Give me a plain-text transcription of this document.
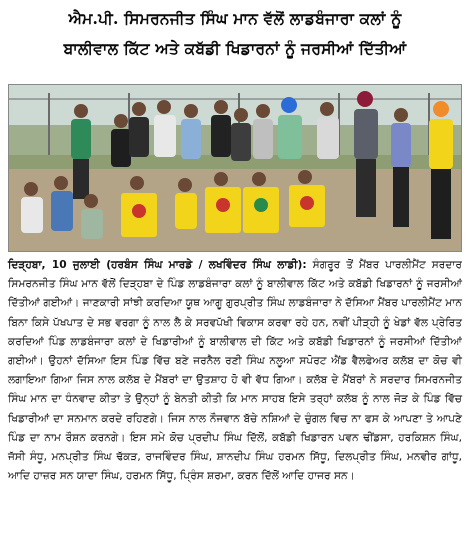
ਐਮ.ਪੀ. ਸਿਮਰਨਜੀਤ ਸਿੰਘ ਮਾਨ ਵੱਲੋਂ ਲਾਡਬੰਜਾਰਾ ਕਲਾਂ ਨੂੰ
ਬਾਲੀਵਾਲ ਕਿੱਟ ਅਤੇ ਕਬੱਡੀ ਖਿਡਾਰਨਾਂ ਨੂੰ ਜਰਸੀਆਂ ਦਿੱਤੀਆਂ
ਦਿੜ੍ਹਬਾ, 10 ਜੁਲਾਈ (ਹਰਬੰਸ ਸਿੰਘ ਮਾਰਡੇ / ਲਖਵਿੰਦਰ ਸਿੰਘ ਲਾਡੀ): ਸੰਗਰੂਰ ਤੋਂ ਮੈਂਬਰ ਪਾਰਲੀਮੈਂਟ ਸਰਦਾਰ ਸਿਮਰਨਜੀਤ ਸਿੰਘ ਮਾਨ ਵੱਲੋਂ ਦਿੜ੍ਹਬਾ ਦੇ ਪਿੰਡ ਲਾਡਬੰਜਾਰਾ ਕਲਾਂ ਨੂੰ ਬਾਲੀਵਾਲ ਕਿੱਟ ਅਤੇ ਕਬੱਡੀ ਖਿਡਾਰਨਾਂ ਨੂੰ ਜਰਸੀਆਂ ਦਿੱਤੀਆਂ ਗਈਆਂ। ਜਾਣਕਾਰੀ ਸਾਂਝੀ ਕਰਦਿਆ ਯੂਥ ਆਗੂ ਗੁਰਪ੍ਰੀਤ ਸਿੰਘ ਲਾਡਬੰਜਾਰਾ ਨੇ ਦੱਸਿਆ ਮੈਂਬਰ ਪਾਰਲੀਮੈਂਟ ਮਾਨ ਬਿਨਾ ਕਿਸੇ ਪੱਖਪਾਤ ਦੇ ਸਭ ਵਰਗਾ ਨੂੰ ਨਾਲ ਲੈ ਕੇ ਸਰਵਪੱਖੀ ਵਿਕਾਸ ਕਰਵਾ ਰਹੇ ਹਨ, ਨਵੀਂ ਪੀੜ੍ਹੀ ਨੂੰ ਖੇਡਾਂ ਵੱਲ ਪ੍ਰੇਰਿਤ ਕਰਦਿਆਂ ਪਿੰਡ ਲਾਡਬੰਜਾਰਾ ਕਲਾਂ ਦੇ ਖਿਡਾਰੀਆਂ ਨੂੰ ਬਾਲੀਵਾਲ ਦੀ ਕਿੱਟ ਅਤੇ ਕਬੱਡੀ ਖਿਡਾਰਨਾਂ ਨੂੰ ਜਰਸੀਆਂ ਦਿੱਤੀਆਂ ਗਈਆਂ। ਉਹਨਾਂ ਦੱਸਿਆ ਇਸ ਪਿੰਡ ਵਿੱਚ ਬਣੇ ਜਰਨੈਲ ਰਣੀ ਸਿੰਘ ਨਲੂਆ ਸਪੋਰਟ ਐਂਡ ਵੈਲਫੇਅਰ ਕਲੱਬ ਦਾ ਕੋਚ ਵੀ ਲਗਾਇਆ ਗਿਆ ਜਿਸ ਨਾਲ ਕਲੱਬ ਦੇ ਮੈਂਬਰਾਂ ਦਾ ਉਤਸ਼ਾਹ ਹੋ ਵੀ ਵੱਧ ਗਿਆ। ਕਲੱਬ ਦੇ ਮੈਂਬਰਾਂ ਨੇ ਸਰਦਾਰ ਸਿਮਰਨਜੀਤ ਸਿੰਘ ਮਾਨ ਦਾ ਧੰਨਵਾਦ ਕੀਤਾ ਤੇ ਉਨ੍ਹਾਂ ਨੂੰ ਬੇਨਤੀ ਕੀਤੀ ਕਿ ਮਾਨ ਸਾਹਬ ਇਸੇ ਤਰ੍ਹਾਂ ਕਲੱਬ ਨੂੰ ਨਾਲ ਜੋੜ ਕੇ ਪਿੰਡ ਵਿੱਚ ਖਿਡਾਰੀਆਂ ਦਾ ਸਨਮਾਨ ਕਰਦੇ ਰਹਿਣਗੇ। ਜਿਸ ਨਾਲ ਨੌਜਵਾਨ ਬੱਚੇ ਨਸ਼ਿਆਂ ਦੇ ਚੁੰਗਲ ਵਿਚ ਨਾ ਫਸ ਕੇ ਆਪਣਾ ਤੇ ਆਪਣੇ ਪਿੰਡ ਦਾ ਨਾਮ ਰੌਸ਼ਨ ਕਰਨਗੇ। ਇਸ ਸਮੇ ਕੋਚ ਪ੍ਰਦੀਪ ਸਿੰਘ ਦਿੱਲੋਂ, ਕਬੱਡੀ ਖਿਡਾਰਨ ਪਵਨ ਢੀਂਡਸਾ, ਹਰਕਿਸ਼ਨ ਸਿੰਘ, ਜੱਸੀ ਸੰਧੂ, ਮਨਪ੍ਰੀਤ ਸਿੰਘ ਢੱਕੜ, ਰਾਜਵਿੰਦਰ ਸਿੰਘ, ਸ਼ਾਨਦੀਪ ਸਿੰਘ ਹਰਮਨ ਸਿੱਧੂ, ਦਿਲਪ੍ਰੀਤ ਸਿੰਘ, ਮਨਵੀਰ ਗਾਂਧੂ, ਆਦਿ ਹਾਜ਼ਰ ਸਨ ਯਾਦਾ ਸਿੰਘ, ਹਰਮਨ ਸਿੱਧੂ, ਪ੍ਰਿੰਸ ਸ਼ਰਮਾ, ਕਰਨ ਦਿੱਲੋਂ ਆਦਿ ਹਾਜਰ ਸਨ।
